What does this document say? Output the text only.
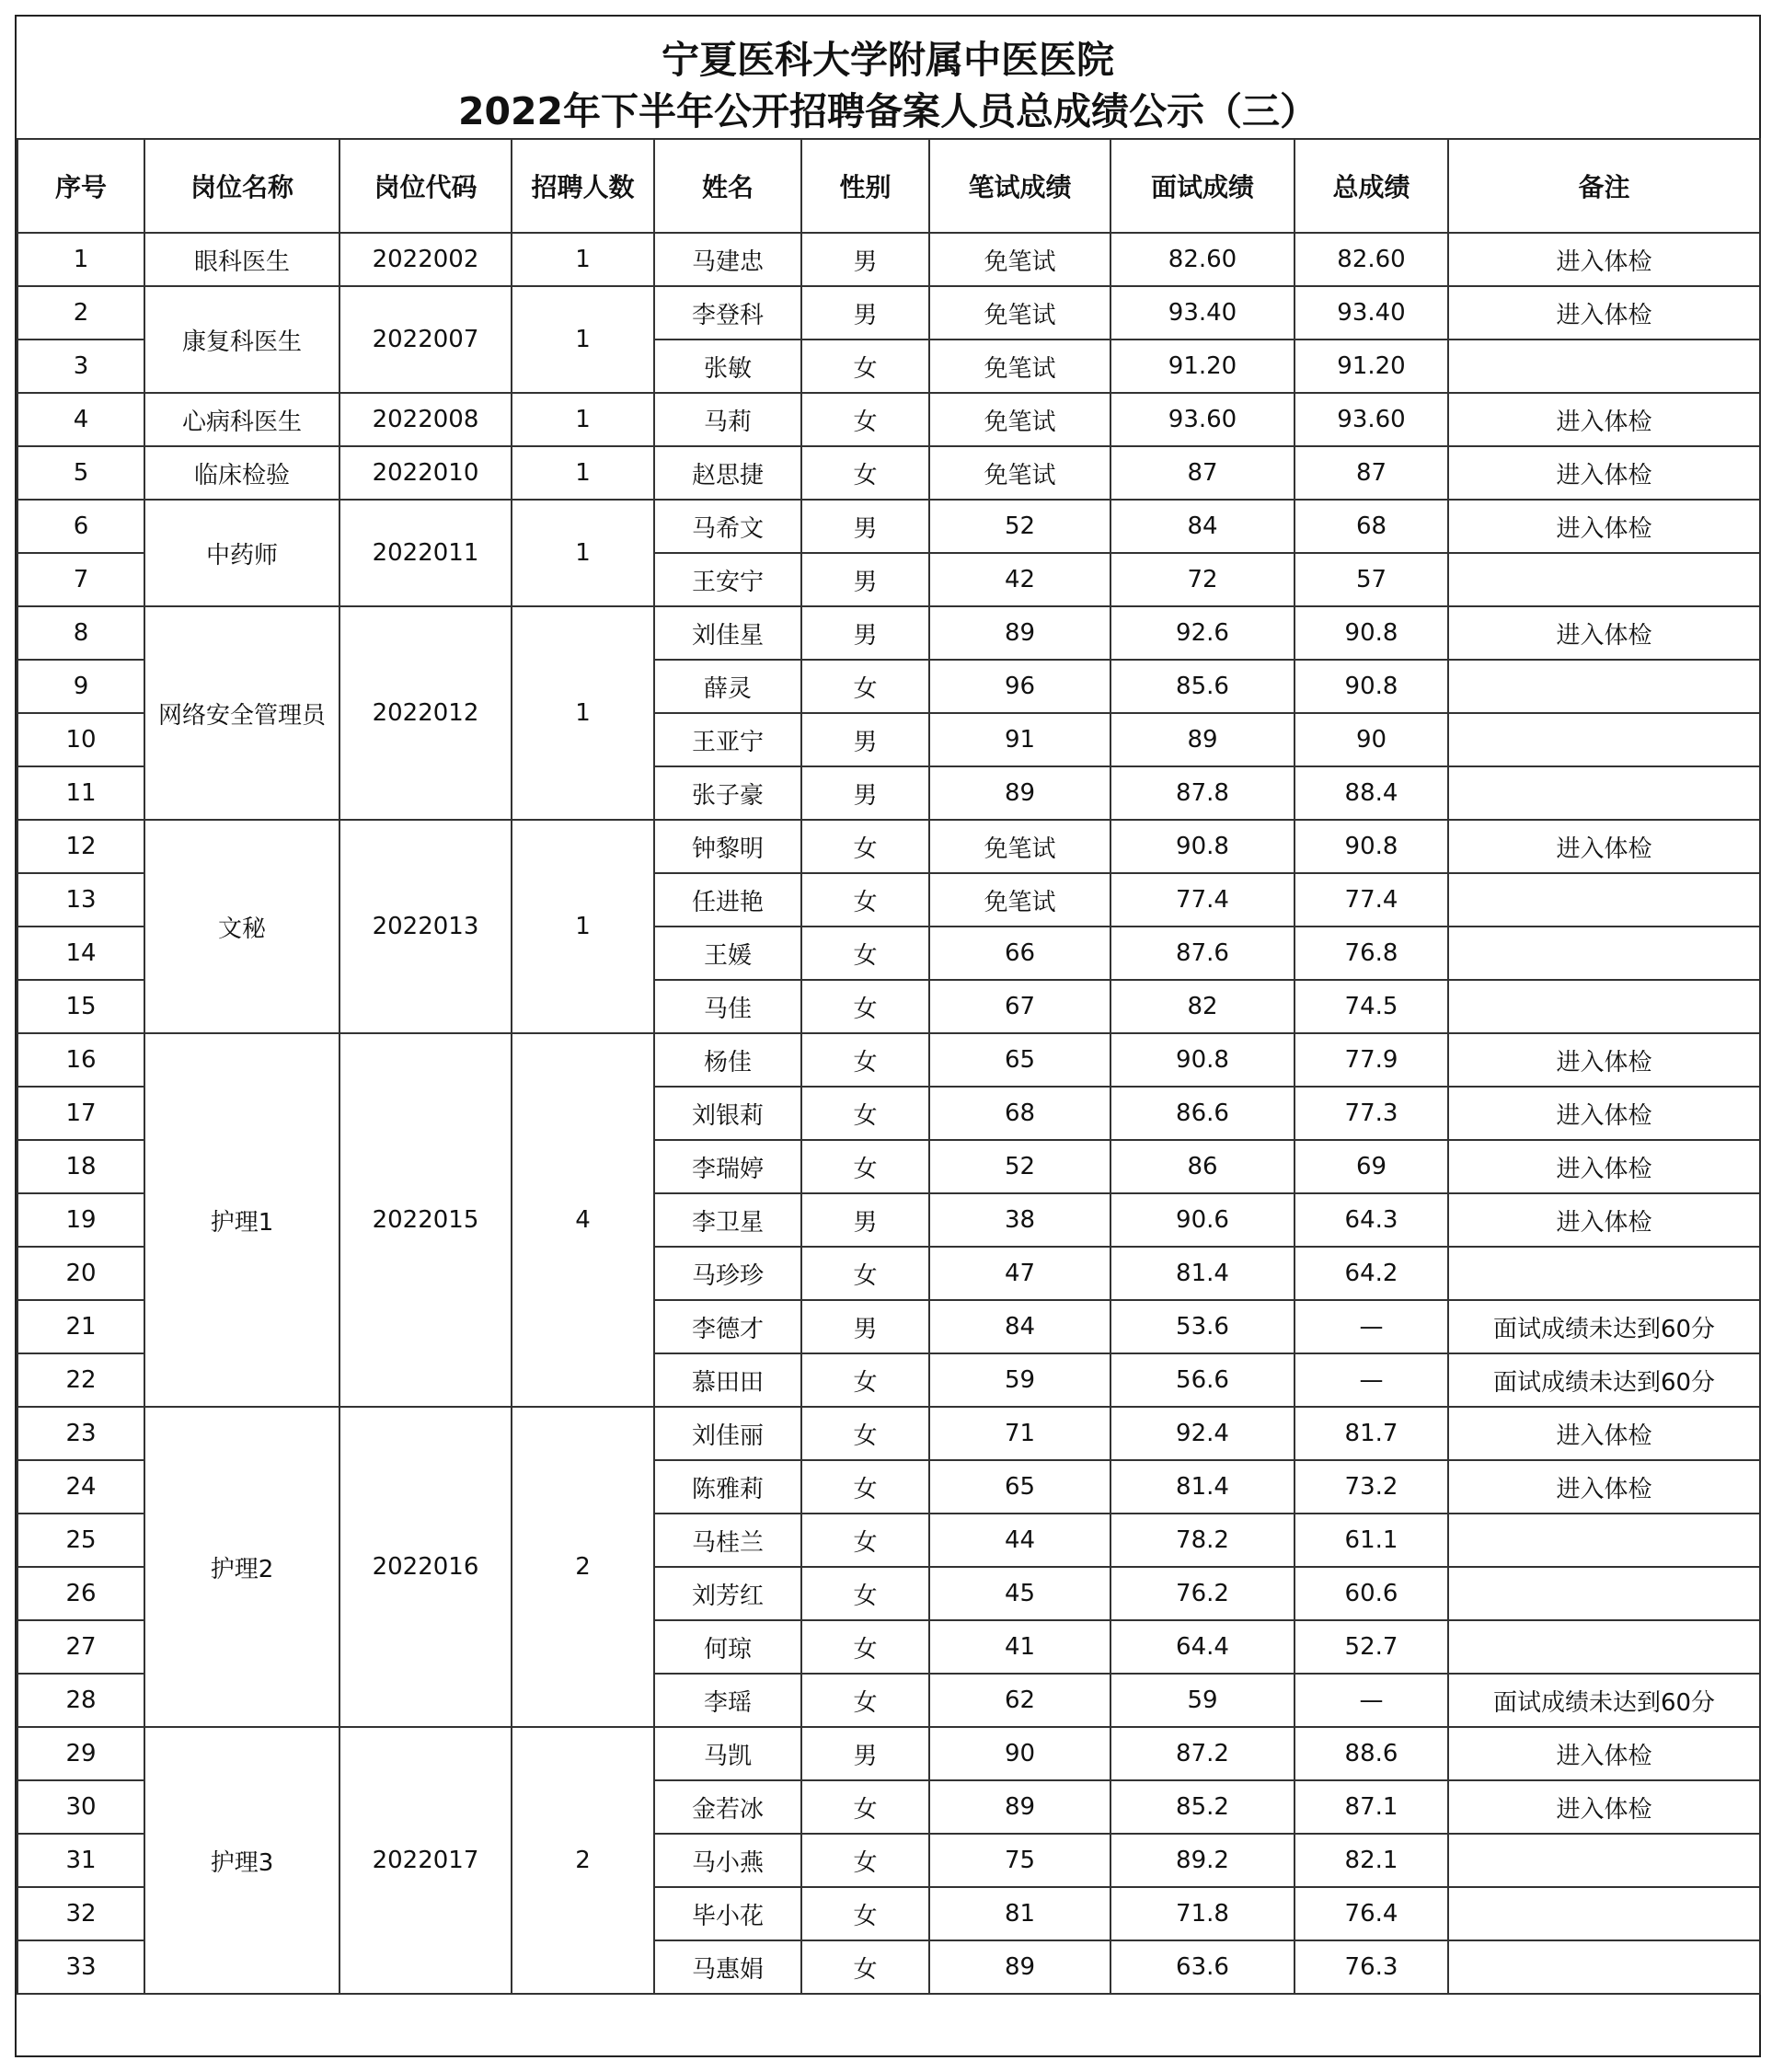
宁夏医科大学附属中医医院
2022年下半年公开招聘备案人员总成绩公示（三）
序号	岗位名称	岗位代码	招聘人数	姓名	性别	笔试成绩	面试成绩	总成绩	备注
1	眼科医生	2022002	1	马建忠	男	免笔试	82.60	82.60	进入体检
2	康复科医生	2022007	1	李登科	男	免笔试	93.40	93.40	进入体检
3				张敏	女	免笔试	91.20	91.20	
4	心病科医生	2022008	1	马莉	女	免笔试	93.60	93.60	进入体检
5	临床检验	2022010	1	赵思捷	女	免笔试	87	87	进入体检
6	中药师	2022011	1	马希文	男	52	84	68	进入体检
7				王安宁	男	42	72	57	
8	网络安全管理员	2022012	1	刘佳星	男	89	92.6	90.8	进入体检
9				薛灵	女	96	85.6	90.8	
10				王亚宁	男	91	89	90	
11				张子豪	男	89	87.8	88.4	
12	文秘	2022013	1	钟黎明	女	免笔试	90.8	90.8	进入体检
13				任进艳	女	免笔试	77.4	77.4	
14				王媛	女	66	87.6	76.8	
15				马佳	女	67	82	74.5	
16	护理1	2022015	4	杨佳	女	65	90.8	77.9	进入体检
17				刘银莉	女	68	86.6	77.3	进入体检
18				李瑞婷	女	52	86	69	进入体检
19				李卫星	男	38	90.6	64.3	进入体检
20				马珍珍	女	47	81.4	64.2	
21				李德才	男	84	53.6	—	面试成绩未达到60分
22				慕田田	女	59	56.6	—	面试成绩未达到60分
23	护理2	2022016	2	刘佳丽	女	71	92.4	81.7	进入体检
24				陈雅莉	女	65	81.4	73.2	进入体检
25				马桂兰	女	44	78.2	61.1	
26				刘芳红	女	45	76.2	60.6	
27				何琼	女	41	64.4	52.7	
28				李瑶	女	62	59	—	面试成绩未达到60分
29	护理3	2022017	2	马凯	男	90	87.2	88.6	进入体检
30				金若冰	女	89	85.2	87.1	进入体检
31				马小燕	女	75	89.2	82.1	
32				毕小花	女	81	71.8	76.4	
33				马惠娟	女	89	63.6	76.3	
